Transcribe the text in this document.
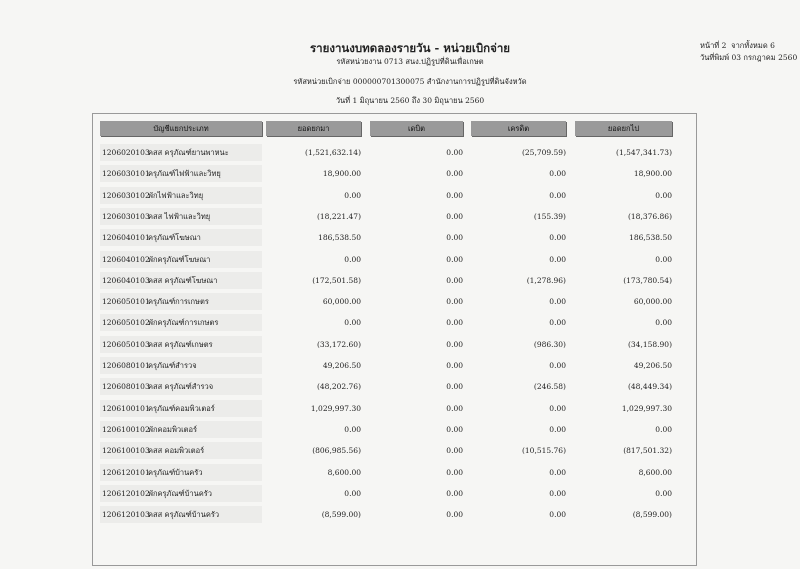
รายงานงบทดลองรายวัน - หน่วยเบิกจ่าย
รหัสหน่วยงาน 0713 สนง.ปฏิรูปที่ดินเพื่อเกษต
รหัสหน่วยเบิกจ่าย 000000701300075 สำนักงานการปฏิรูปที่ดินจังหวัด
วันที่ 1 มิถุนายน 2560 ถึง 30 มิถุนายน 2560
หน้าที่ 2 จากทั้งหมด 6
วันที่พิมพ์ 03 กรกฎาคม 2560
บัญชีแยกประเภท	ยอดยกมา	เดบิต	เครดิต	ยอดยกไป
1206020103คสส ครุภัณฑ์ยานพาหนะ	(1,521,632.14)	0.00	(25,709.59)	(1,547,341.73)
1206030101ครุภัณฑ์ไฟฟ้าและวิทยุ	18,900.00	0.00	0.00	18,900.00
1206030102พักไฟฟ้าและวิทยุ	0.00	0.00	0.00	0.00
1206030103คสส ไฟฟ้าและวิทยุ	(18,221.47)	0.00	(155.39)	(18,376.86)
1206040101ครุภัณฑ์โฆษณา	186,538.50	0.00	0.00	186,538.50
1206040102พักครุภัณฑ์โฆษณา	0.00	0.00	0.00	0.00
1206040103คสส ครุภัณฑ์โฆษณา	(172,501.58)	0.00	(1,278.96)	(173,780.54)
1206050101ครุภัณฑ์การเกษตร	60,000.00	0.00	0.00	60,000.00
1206050102พักครุภัณฑ์การเกษตร	0.00	0.00	0.00	0.00
1206050103คสส ครุภัณฑ์เกษตร	(33,172.60)	0.00	(986.30)	(34,158.90)
1206080101ครุภัณฑ์สำรวจ	49,206.50	0.00	0.00	49,206.50
1206080103คสส ครุภัณฑ์สำรวจ	(48,202.76)	0.00	(246.58)	(48,449.34)
1206100101ครุภัณฑ์คอมพิวเตอร์	1,029,997.30	0.00	0.00	1,029,997.30
1206100102พักคอมพิวเตอร์	0.00	0.00	0.00	0.00
1206100103คสส คอมพิวเตอร์	(806,985.56)	0.00	(10,515.76)	(817,501.32)
1206120101ครุภัณฑ์บ้านครัว	8,600.00	0.00	0.00	8,600.00
1206120102พักครุภัณฑ์บ้านครัว	0.00	0.00	0.00	0.00
1206120103คสส ครุภัณฑ์บ้านครัว	(8,599.00)	0.00	0.00	(8,599.00)
